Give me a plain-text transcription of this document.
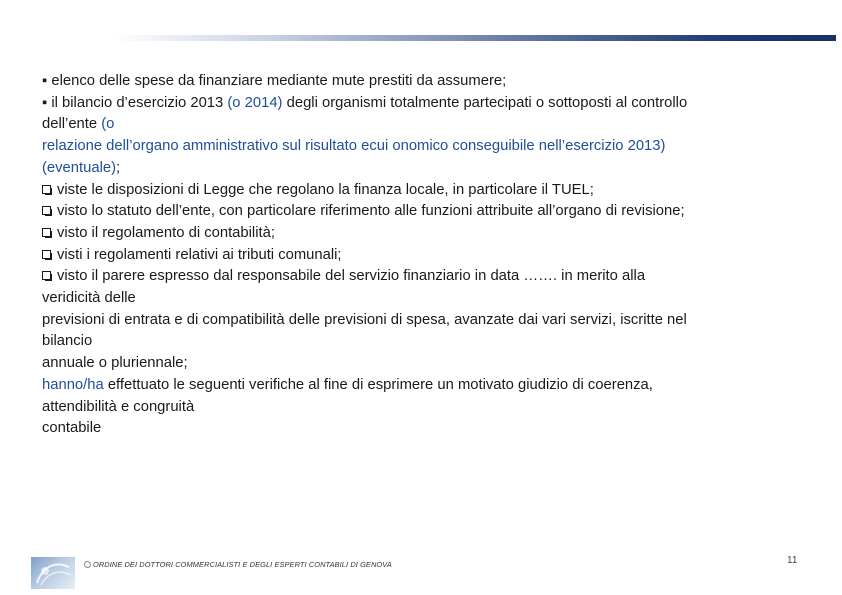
▪ elenco delle spese da finanziare mediante mute prestiti da assumere;
▪ il bilancio d’esercizio 2013 (o 2014) degli organismi totalmente partecipati o sottoposti al controllo
dell’ente (o
relazione dell’organo amministrativo sul risultato ecui onomico conseguibile nell’esercizio 2013)
(eventuale);
viste le disposizioni di Legge che regolano la finanza locale, in particolare il TUEL;
visto lo statuto dell’ente, con particolare riferimento alle funzioni attribuite all’organo di revisione;
visto il regolamento di contabilità;
visti i regolamenti relativi ai tributi comunali;
visto il parere espresso dal responsabile del servizio finanziario in data ……. in merito alla
veridicità delle
previsioni di entrata e di compatibilità delle previsioni di spesa, avanzate dai vari servizi, iscritte nel
bilancio
annuale o pluriennale;
hanno/ha effettuato le seguenti verifiche al fine di esprimere un motivato giudizio di coerenza,
attendibilità e congruità
contabile
ORDINE DEI DOTTORI COMMERCIALISTI E DEGLI ESPERTI CONTABILI DI GENOVA	11
